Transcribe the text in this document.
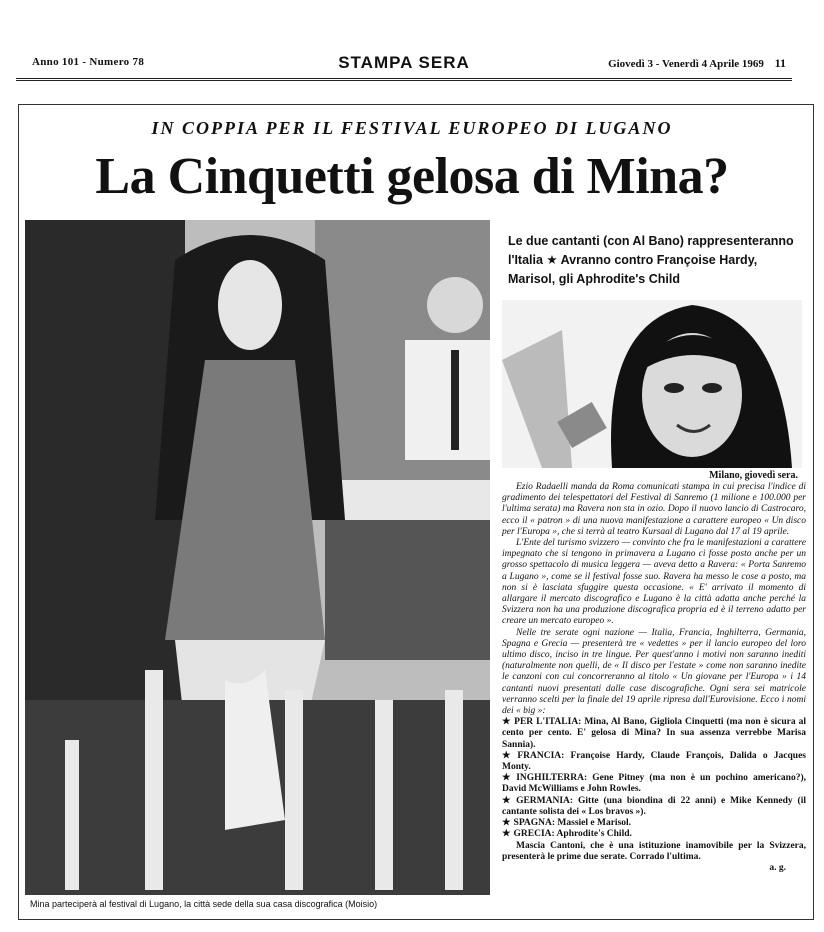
Anno 101 - Numero 78	STAMPA SERA	Giovedì 3 - Venerdì 4 Aprile 1969 11
IN COPPIA PER IL FESTIVAL EUROPEO DI LUGANO
La Cinquetti gelosa di Mina?
Mina parteciperà al festival di Lugano, la città sede della sua casa discografica (Moisio)
Le due cantanti (con Al Bano) rappresenteranno l'Italia ★ Avranno contro Françoise Hardy, Marisol, gli Aphrodite's Child
Milano, giovedì sera.

Ezio Radaelli manda da Roma comunicati stampa in cui precisa l'indice di gradimento dei telespettatori del Festival di Sanremo (1 milione e 100.000 per l'ultima serata) ma Ravera non sta in ozio. Dopo il nuovo lancio di Castrocaro, ecco il « patron » di una nuova manifestazione a carattere europeo « Un disco per l'Europa », che si terrà al teatro Kursaal di Lugano dal 17 al 19 aprile.

L'Ente del turismo svizzero — convinto che fra le manifestazioni a carattere impegnato che si tengono in primavera a Lugano ci fosse posto anche per un grosso spettacolo di musica leggera — aveva detto a Ravera: « Porta Sanremo a Lugano », come se il festival fosse suo. Ravera ha messo le cose a posto, ma non si è lasciata sfuggire questa occasione. « E' arrivato il momento di allargare il mercato discografico e Lugano è la città adatta anche perché la Svizzera non ha una produzione discografica propria ed è il terreno adatto per creare un mercato europeo ».

Nelle tre serate ogni nazione — Italia, Francia, Inghilterra, Germania, Spagna e Grecia — presenterà tre « vedettes » per il lancio europeo del loro ultimo disco, inciso in tre lingue. Per quest'anno i motivi non saranno inediti (naturalmente non quelli, de « Il disco per l'estate » come non saranno inedite le canzoni con cui concorreranno al titolo « Un giovane per l'Europa » i 14 cantanti nuovi presentati dalle case discografiche. Ogni sera sei matricole verranno scelti per la finale del 19 aprile ripresa dall'Eurovisione. Ecco i nomi dei « big »:

★ PER L'ITALIA: Mina, Al Bano, Gigliola Cinquetti (ma non è sicura al cento per cento. E' gelosa di Mina? In sua assenza verrebbe Marisa Sannia).

★ FRANCIA: Françoise Hardy, Claude François, Dalida o Jacques Monty.

★ INGHILTERRA: Gene Pitney (ma non è un pochino americano?), David McWilliams e John Rowles.

★ GERMANIA: Gitte (una biondina di 22 anni) e Mike Kennedy (il cantante solista dei « Los bravos »).

★ SPAGNA: Massiel e Marisol.

★ GRECIA: Aphrodite's Child.

Mascia Cantoni, che è una istituzione inamovibile per la Svizzera, presenterà le prime due serate. Corrado l'ultima.

a. g.
